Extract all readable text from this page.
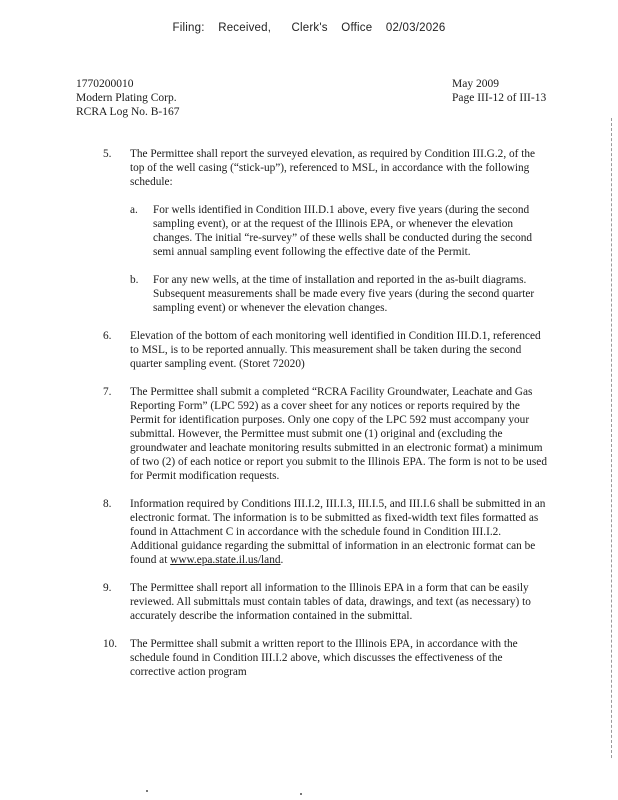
Filing: Received, Clerk's Office 02/03/2026
1770200010
Modern Plating Corp.
RCRA Log No. B-167
May 2009
Page III-12 of III-13
5. The Permittee shall report the surveyed elevation, as required by Condition III.G.2, of the top of the well casing (“stick-up”), referenced to MSL, in accordance with the following schedule:

a. For wells identified in Condition III.D.1 above, every five years (during the second sampling event), or at the request of the Illinois EPA, or whenever the elevation changes. The initial “re-survey” of these wells shall be conducted during the second semi annual sampling event following the effective date of the Permit.

b. For any new wells, at the time of installation and reported in the as-built diagrams. Subsequent measurements shall be made every five years (during the second quarter sampling event) or whenever the elevation changes.

6. Elevation of the bottom of each monitoring well identified in Condition III.D.1, referenced to MSL, is to be reported annually. This measurement shall be taken during the second quarter sampling event. (Storet 72020)

7. The Permittee shall submit a completed “RCRA Facility Groundwater, Leachate and Gas Reporting Form” (LPC 592) as a cover sheet for any notices or reports required by the Permit for identification purposes. Only one copy of the LPC 592 must accompany your submittal. However, the Permittee must submit one (1) original and (excluding the groundwater and leachate monitoring results submitted in an electronic format) a minimum of two (2) of each notice or report you submit to the Illinois EPA. The form is not to be used for Permit modification requests.

8. Information required by Conditions III.I.2, III.I.3, III.I.5, and III.I.6 shall be submitted in an electronic format. The information is to be submitted as fixed-width text files formatted as found in Attachment C in accordance with the schedule found in Condition III.I.2. Additional guidance regarding the submittal of information in an electronic format can be found at www.epa.state.il.us/land.

9. The Permittee shall report all information to the Illinois EPA in a form that can be easily reviewed. All submittals must contain tables of data, drawings, and text (as necessary) to accurately describe the information contained in the submittal.

10. The Permittee shall submit a written report to the Illinois EPA, in accordance with the schedule found in Condition III.I.2 above, which discusses the effectiveness of the corrective action program
